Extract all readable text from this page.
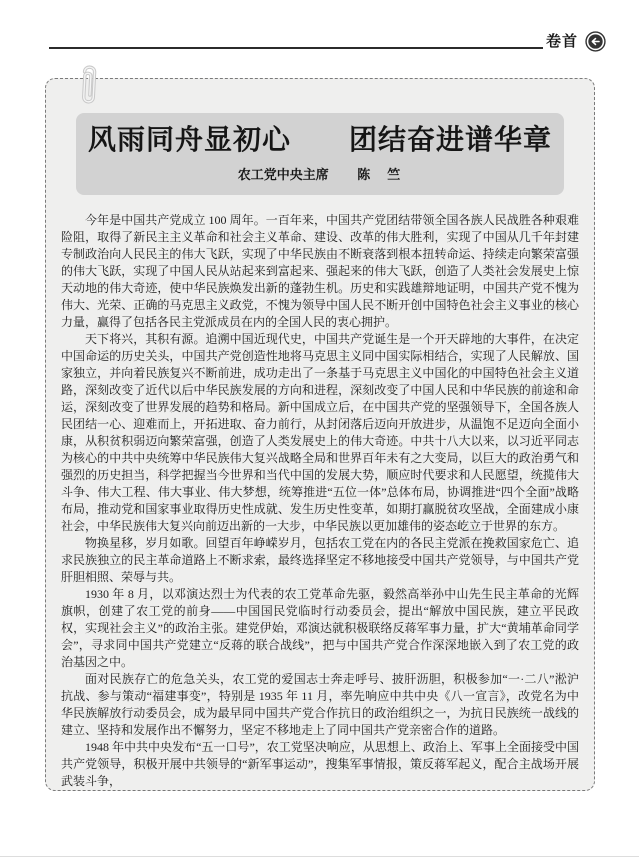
卷首
风雨同舟显初心　　团结奋进谱华章
农工党中央主席 陈　竺

今年是中国共产党成立 100 周年。一百年来，中国共产党团结带领全国各族人民战胜各种艰难险阻，取得了新民主主义革命和社会主义革命、建设、改革的伟大胜利，实现了中国从几千年封建专制政治向人民民主的伟大飞跃，实现了中华民族由不断衰落到根本扭转命运、持续走向繁荣富强的伟大飞跃，实现了中国人民从站起来到富起来、强起来的伟大飞跃，创造了人类社会发展史上惊天动地的伟大奇迹，使中华民族焕发出新的蓬勃生机。历史和实践雄辩地证明，中国共产党不愧为伟大、光荣、正确的马克思主义政党，不愧为领导中国人民不断开创中国特色社会主义事业的核心力量，赢得了包括各民主党派成员在内的全国人民的衷心拥护。

天下将兴，其积有源。追溯中国近现代史，中国共产党诞生是一个开天辟地的大事件，在决定中国命运的历史关头，中国共产党创造性地将马克思主义同中国实际相结合，实现了人民解放、国家独立，并向着民族复兴不断前进，成功走出了一条基于马克思主义中国化的中国特色社会主义道路，深刻改变了近代以后中华民族发展的方向和进程，深刻改变了中国人民和中华民族的前途和命运，深刻改变了世界发展的趋势和格局。新中国成立后，在中国共产党的坚强领导下，全国各族人民团结一心、迎难而上，开拓进取、奋力前行，从封闭落后迈向开放进步，从温饱不足迈向全面小康，从积贫积弱迈向繁荣富强，创造了人类发展史上的伟大奇迹。中共十八大以来，以习近平同志为核心的中共中央统筹中华民族伟大复兴战略全局和世界百年未有之大变局，以巨大的政治勇气和强烈的历史担当，科学把握当今世界和当代中国的发展大势，顺应时代要求和人民愿望，统揽伟大斗争、伟大工程、伟大事业、伟大梦想，统筹推进“五位一体”总体布局，协调推进“四个全面”战略布局，推动党和国家事业取得历史性成就、发生历史性变革，如期打赢脱贫攻坚战，全面建成小康社会，中华民族伟大复兴向前迈出新的一大步，中华民族以更加雄伟的姿态屹立于世界的东方。

物换星移，岁月如歌。回望百年峥嵘岁月，包括农工党在内的各民主党派在挽救国家危亡、追求民族独立的民主革命道路上不断求索，最终选择坚定不移地接受中国共产党领导，与中国共产党肝胆相照、荣辱与共。

1930 年 8 月，以邓演达烈士为代表的农工党革命先驱，毅然高举孙中山先生民主革命的光辉旗帜，创建了农工党的前身——中国国民党临时行动委员会，提出“解放中国民族，建立平民政权，实现社会主义”的政治主张。建党伊始，邓演达就积极联络反蒋军事力量，扩大“黄埔革命同学会”，寻求同中国共产党建立“反蒋的联合战线”，把与中国共产党合作深深地嵌入到了农工党的政治基因之中。

面对民族存亡的危急关头，农工党的爱国志士奔走呼号、披肝沥胆，积极参加“一·二八”淞沪抗战、参与策动“福建事变”，特别是 1935 年 11 月，率先响应中共中央《八一宣言》，改党名为中华民族解放行动委员会，成为最早同中国共产党合作抗日的政治组织之一，为抗日民族统一战线的建立、坚持和发展作出不懈努力，坚定不移地走上了同中国共产党亲密合作的道路。

1948 年中共中央发布“五一口号”，农工党坚决响应，从思想上、政治上、军事上全面接受中国共产党领导，积极开展中共领导的“新军事运动”，搜集军事情报，策反蒋军起义，配合主战场开展武装斗争，
